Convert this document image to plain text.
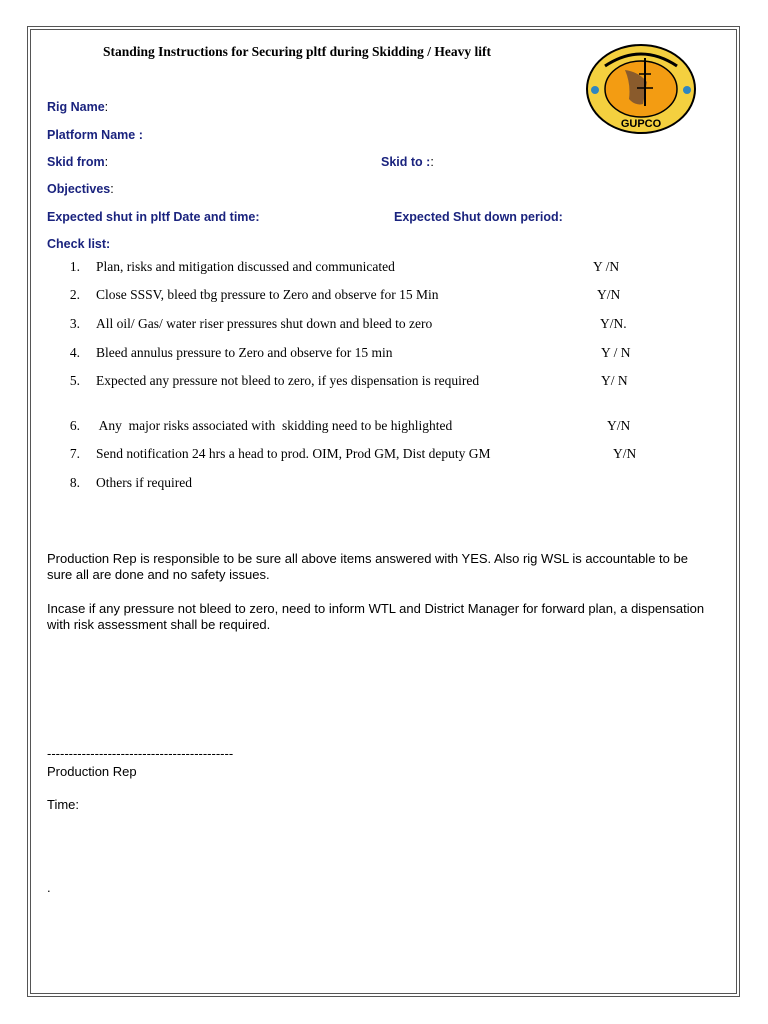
Standing Instructions for Securing pltf during Skidding / Heavy lift
GUPCO
Rig Name:
Platform Name :
Skid from:	Skid to ::
Objectives:
Expected shut in pltf Date and time:	Expected Shut down period:
Check list:
1. Plan, risks and mitigation discussed and communicated	Y /N
2. Close SSSV, bleed tbg pressure to Zero and observe for 15 Min	Y/N
3. All oil/ Gas/ water riser pressures shut down and bleed to zero	Y/N.
4. Bleed annulus pressure to Zero and observe for 15 min	Y / N
5. Expected any pressure not bleed to zero, if yes dispensation is required	Y/ N
6. Any  major risks associated with  skidding need to be highlighted	Y/N
7. Send notification 24 hrs a head to prod. OIM, Prod GM, Dist deputy GM	Y/N
8. Others if required
Production Rep is responsible to be sure all above items answered with YES. Also rig WSL is accountable to be sure all are done and no safety issues.
Incase if any pressure not bleed to zero, need to inform WTL and District Manager for forward plan, a dispensation with risk assessment shall be required.
-------------------------------------------
Production Rep
Time:
.
